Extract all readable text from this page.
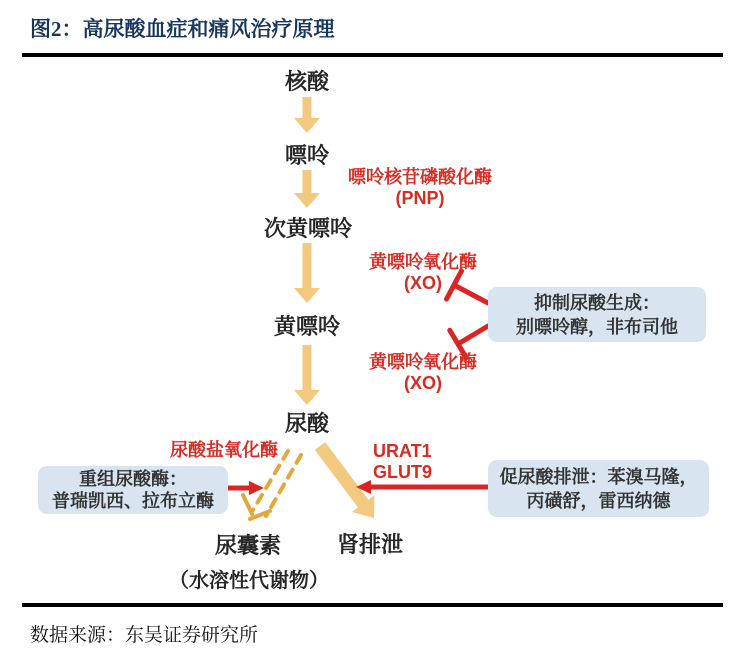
图2：高尿酸血症和痛风治疗原理
核酸
嘌呤
次黄嘌呤
黄嘌呤
尿酸
尿囊素	肾排泄
（水溶性代谢物）
嘌呤核苷磷酸化酶
(PNP)
黄嘌呤氧化酶
(XO)
黄嘌呤氧化酶
(XO)
尿酸盐氧化酶	URAT1
GLUT9
抑制尿酸生成：
别嘌呤醇，非布司他
重组尿酸酶：
普瑞凯西、拉布立酶
促尿酸排泄：苯溴马隆，
丙磺舒，雷西纳德
数据来源：东吴证券研究所
